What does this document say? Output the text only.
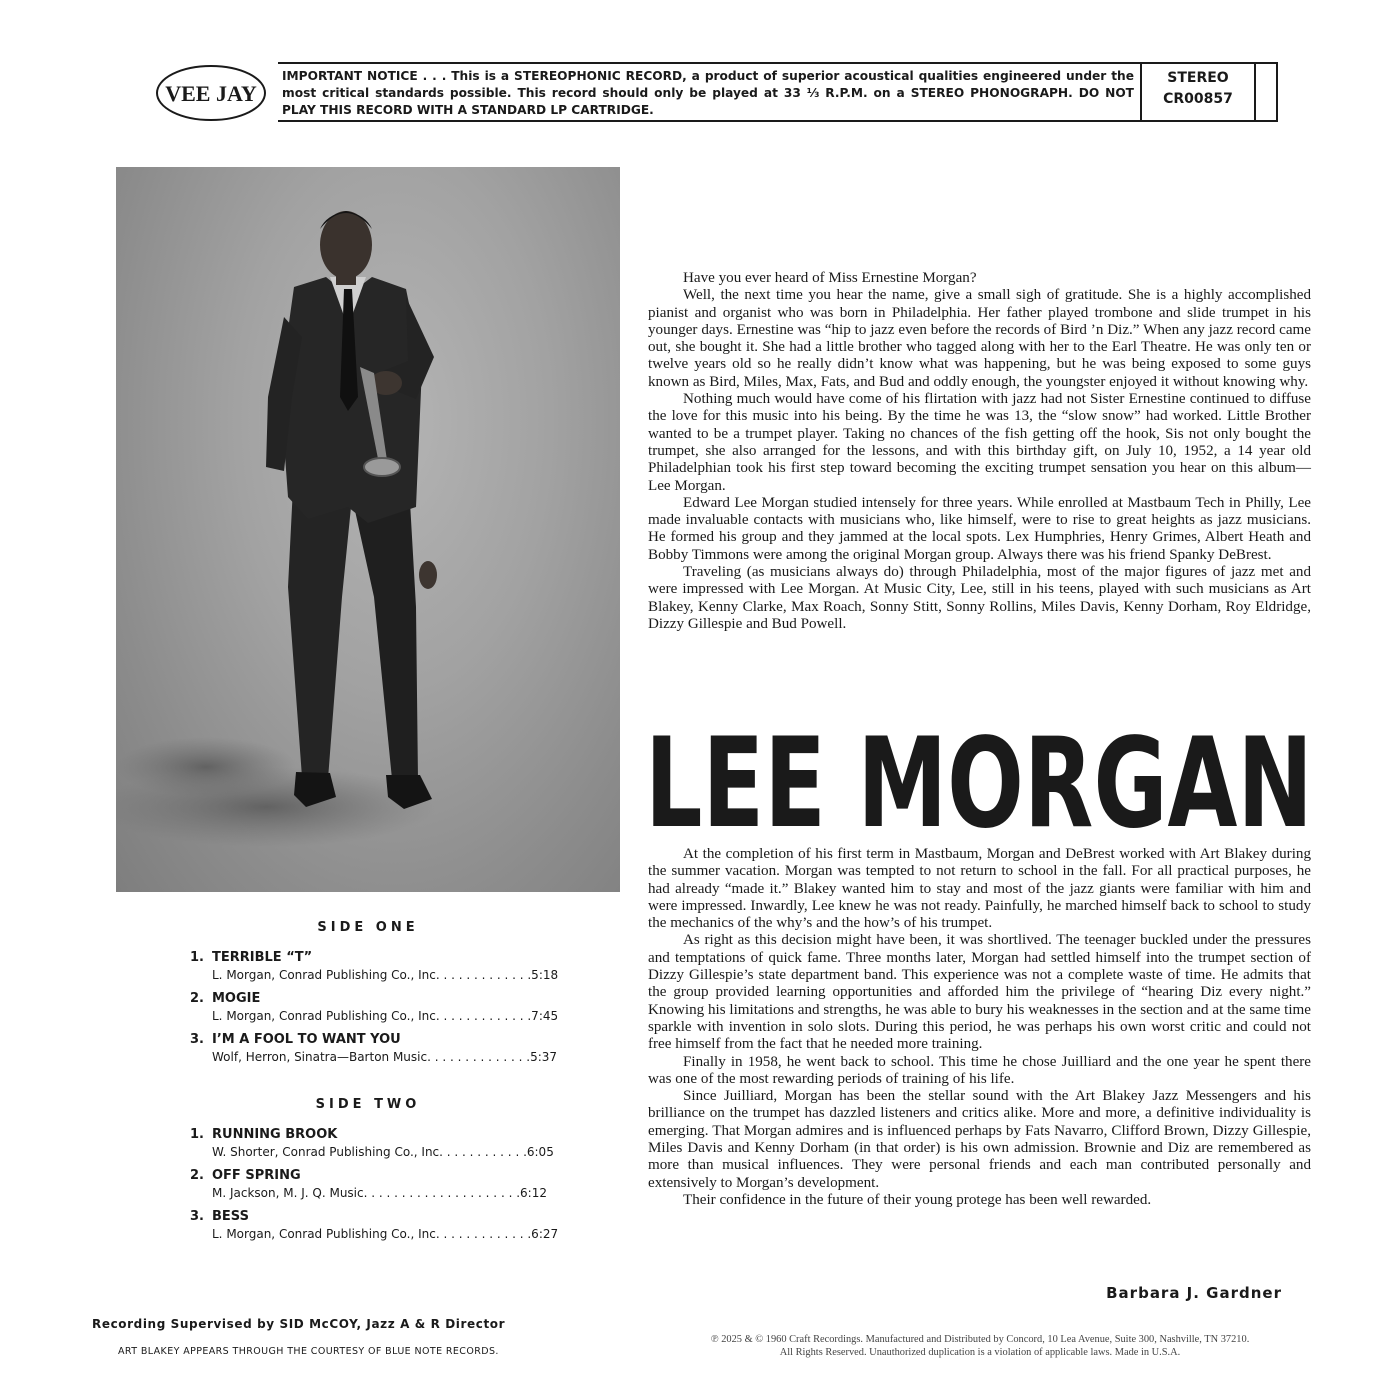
VEE JAY
IMPORTANT NOTICE . . . This is a STEREOPHONIC RECORD, a product of superior acoustical qualities engineered under the most critical standards possible. This record should only be played at 33 ⅓ R.P.M. on a STEREO PHONOGRAPH. DO NOT PLAY THIS RECORD WITH A STANDARD LP CARTRIDGE.
STEREO
CR00857
SIDE ONE
1. TERRIBLE “T”
L. Morgan, Conrad Publishing Co., Inc. . . . . . . . . . . . .5:18
2. MOGIE
L. Morgan, Conrad Publishing Co., Inc. . . . . . . . . . . . .7:45
3. I’M A FOOL TO WANT YOU
Wolf, Herron, Sinatra—Barton Music. . . . . . . . . . . . . .5:37
SIDE TWO
1. RUNNING BROOK
W. Shorter, Conrad Publishing Co., Inc. . . . . . . . . . . .6:05
2. OFF SPRING
M. Jackson, M. J. Q. Music. . . . . . . . . . . . . . . . . . . . .6:12
3. BESS
L. Morgan, Conrad Publishing Co., Inc. . . . . . . . . . . . .6:27
Recording Supervised by SID McCOY, Jazz A & R Director
ART BLAKEY APPEARS THROUGH THE COURTESY OF BLUE NOTE RECORDS.

Have you ever heard of Miss Ernestine Morgan?

Well, the next time you hear the name, give a small sigh of gratitude. She is a highly accomplished pianist and organist who was born in Philadelphia. Her father played trombone and slide trumpet in his younger days. Ernestine was “hip to jazz even before the records of Bird ’n Diz.” When any jazz record came out, she bought it. She had a little brother who tagged along with her to the Earl Theatre. He was only ten or twelve years old so he really didn’t know what was happening, but he was being exposed to some guys known as Bird, Miles, Max, Fats, and Bud and oddly enough, the youngster enjoyed it without knowing why.

Nothing much would have come of his flirtation with jazz had not Sister Ernestine continued to diffuse the love for this music into his being. By the time he was 13, the “slow snow” had worked. Little Brother wanted to be a trumpet player. Taking no chances of the fish getting off the hook, Sis not only bought the trumpet, she also arranged for the lessons, and with this birthday gift, on July 10, 1952, a 14 year old Philadelphian took his first step toward becoming the exciting trumpet sensation you hear on this album—Lee Morgan.

Edward Lee Morgan studied intensely for three years. While enrolled at Mastbaum Tech in Philly, Lee made invaluable contacts with musicians who, like himself, were to rise to great heights as jazz musicians. He formed his group and they jammed at the local spots. Lex Humphries, Henry Grimes, Albert Heath and Bobby Timmons were among the original Morgan group. Always there was his friend Spanky DeBrest.

Traveling (as musicians always do) through Philadelphia, most of the major figures of jazz met and were impressed with Lee Morgan. At Music City, Lee, still in his teens, played with such musicians as Art Blakey, Kenny Clarke, Max Roach, Sonny Stitt, Sonny Rollins, Miles Davis, Kenny Dorham, Roy Eldridge, Dizzy Gillespie and Bud Powell.

LEE MORGAN

At the completion of his first term in Mastbaum, Morgan and DeBrest worked with Art Blakey during the summer vacation. Morgan was tempted to not return to school in the fall. For all practical purposes, he had already “made it.” Blakey wanted him to stay and most of the jazz giants were familiar with him and were impressed. Inwardly, Lee knew he was not ready. Painfully, he marched himself back to school to study the mechanics of the why’s and the how’s of his trumpet.

As right as this decision might have been, it was shortlived. The teenager buckled under the pressures and temptations of quick fame. Three months later, Morgan had settled himself into the trumpet section of Dizzy Gillespie’s state department band. This experience was not a complete waste of time. He admits that the group provided learning opportunities and afforded him the privilege of “hearing Diz every night.” Knowing his limitations and strengths, he was able to bury his weaknesses in the section and at the same time sparkle with invention in solo slots. During this period, he was perhaps his own worst critic and could not free himself from the fact that he needed more training.

Finally in 1958, he went back to school. This time he chose Juilliard and the one year he spent there was one of the most rewarding periods of training of his life.

Since Juilliard, Morgan has been the stellar sound with the Art Blakey Jazz Messengers and his brilliance on the trumpet has dazzled listeners and critics alike. More and more, a definitive individuality is emerging. That Morgan admires and is influenced perhaps by Fats Navarro, Clifford Brown, Dizzy Gillespie, Miles Davis and Kenny Dorham (in that order) is his own admission. Brownie and Diz are remembered as more than musical influences. They were personal friends and each man contributed personally and extensively to Morgan’s development.

Their confidence in the future of their young protege has been well rewarded.

Barbara J. Gardner
℗ 2025 & © 1960 Craft Recordings. Manufactured and Distributed by Concord, 10 Lea Avenue, Suite 300, Nashville, TN 37210.
All Rights Reserved. Unauthorized duplication is a violation of applicable laws. Made in U.S.A.
